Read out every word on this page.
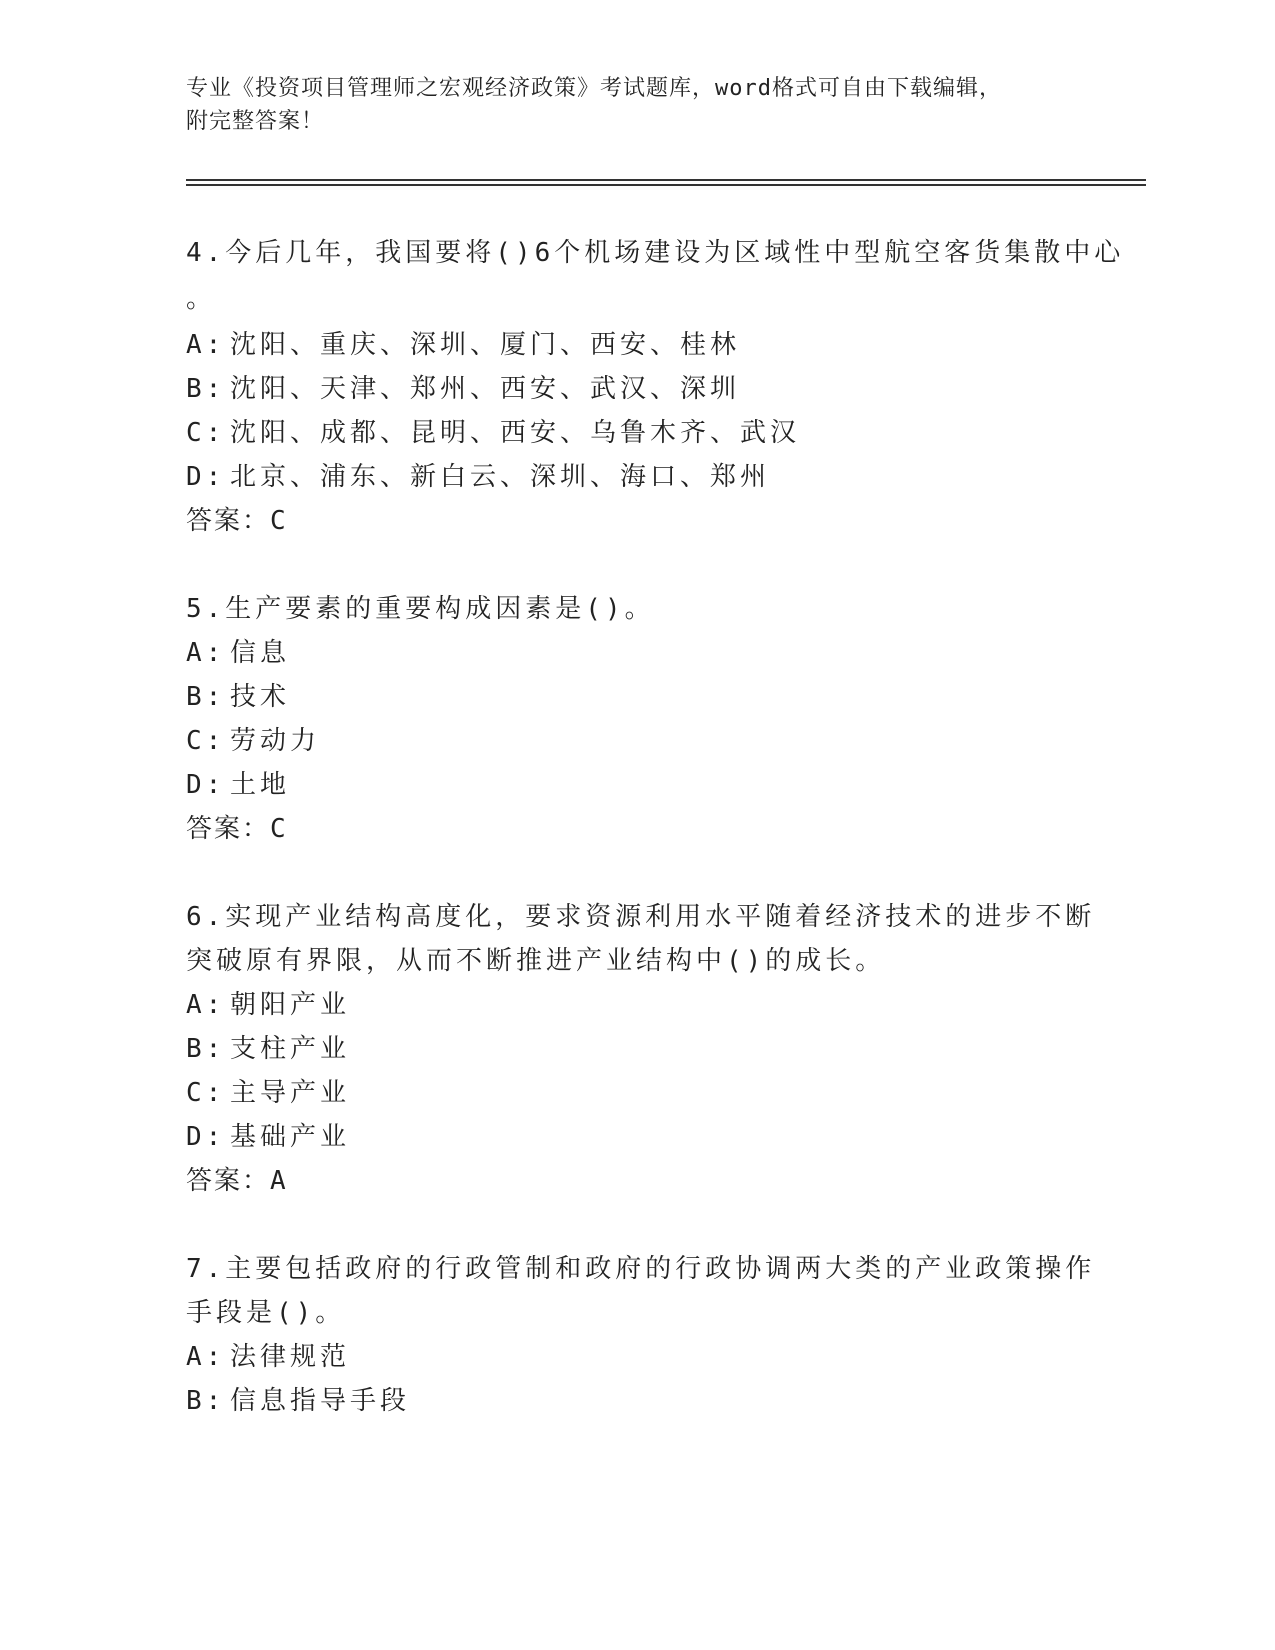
专业《投资项目管理师之宏观经济政策》考试题库，word格式可自由下载编辑，
附完整答案！
4.今后几年，我国要将()6个机场建设为区域性中型航空客货集散中心
。
A: 沈阳、重庆、深圳、厦门、西安、桂林
B: 沈阳、天津、郑州、西安、武汉、深圳
C: 沈阳、成都、昆明、西安、乌鲁木齐、武汉
D: 北京、浦东、新白云、深圳、海口、郑州
答案：C
5.生产要素的重要构成因素是()。
A: 信息
B: 技术
C: 劳动力
D: 土地
答案：C
6.实现产业结构高度化，要求资源利用水平随着经济技术的进步不断
突破原有界限，从而不断推进产业结构中()的成长。
A: 朝阳产业
B: 支柱产业
C: 主导产业
D: 基础产业
答案：A
7.主要包括政府的行政管制和政府的行政协调两大类的产业政策操作
手段是()。
A: 法律规范
B: 信息指导手段
